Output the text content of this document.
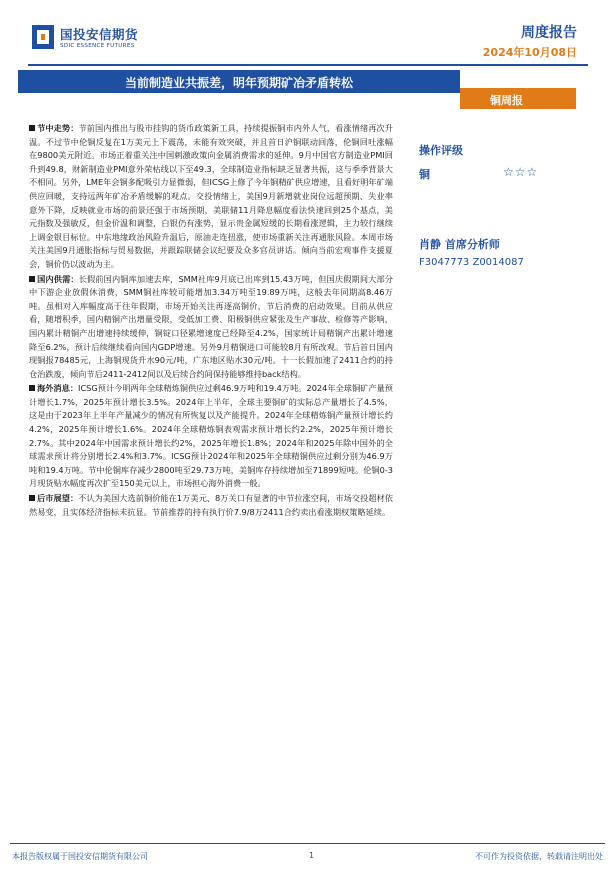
国投安信期货
SDIC ESSENCE FUTURES
周度报告
2024年10月08日
当前制造业共振差，明年预期矿冶矛盾转松
铜周报

节中走势：节前国内推出与股市挂钩的货币政策新工具，持续提振铜市内外人气，看涨情绪再次升温。不过节中伦铜反复在1万美元上下震荡，未能有效突破，并且首日沪铜联动回落，伦铜回吐涨幅在9800美元附近。市场正着重关注中国刺激政策向金属消费需求的延伸。9月中国官方制造业PMI回升到49.8，财新制造业PMI意外荣枯线以下至49.3，全球制造业指标缺乏显著共振，这与季季背景大不相同。另外，LME年会铜多配吸引力显微弱，但ICSG上修了今年铜精矿供应增速，且看好明年矿端供应回暖，支持远两年矿冶矛盾缓解的观点。交投情绪上，美国9月新增就业岗位远超预期、失业率意外下降，反映就业市场的前景还强于市场预期，美联储11月降息幅度看法快速回到25个基点，美元指数及强敏反，但金价温和调整，白银仍有涨势，显示贵金属短缓的长期看涨逻辑，主力较行继续上调金银目标位。中东地缘政治风险升温后，原油走连扭涨，使市场重新关注再通胀风险。本周市场关注美国9月通胀指标与贸易数据，并跟踪联储会议纪要及众多官员讲话。倾向当前宏观事件支援夏会，铜价仍以波动为主。

国内供需：长假前国内铜库加速去库，SMM社库9月底已出库到15.43万吨，但国庆假期间大部分中下游企业放假休消费，SMM铜社库较可能增加3.34万吨至19.89万吨，这般去年同期高8.46万吨。虽相对入库幅度高于往年假期，市场开始关注再逐高铜价，节后消费的启动效果。目前从供应看，随增积季，国内精铜产出增量受限，受低加工费、阳极铜供应紧张及生产事故、检修等产影响，国内累计精铜产出增速持续缓伸，铜锭口径累增速度已经降至4.2%，国家统计局精铜产出累计增速降至6.2%，预计后续继续看向国内GDP增速。另外9月精铜进口可能较8月有所改观。节后首日国内现铜报78485元，上海铜现货升水90元/吨，广东地区贴水30元/吨。十一长假加速了2411合约的持仓治跌废，倾向节后2411-2412间以及后续合约间保持能够维持back结构。

海外消息：ICSG预计今明两年全球精炼铜供应过剩46.9万吨和19.4万吨。2024年全球铜矿产量预计增长1.7%，2025年预计增长3.5%。2024年上半年，全球主要铜矿的实际总产量增长了4.5%，这是由于2023年上半年产量减少的情况有所恢复以及产能提升。2024年全球精炼铜产量预计增长约4.2%，2025年预计增长1.6%。2024年全球精炼铜表观需求预计增长约2.2%，2025年预计增长2.7%。其中2024年中国需求预计增长约2%，2025年增长1.8%；2024年和2025年除中国外的全球需求预计将分别增长2.4%和3.7%。ICSG预计2024年和2025年全球精铜供应过剩分别为46.9万吨和19.4万吨。节中伦铜库存减少2800吨至29.73万吨，美铜库存持续增加至71899短吨。伦铜0-3月现货贴水幅度再次扩至150美元以上，市场担心海外消费一般。

后市展望：不认为美国大选前铜价能在1万美元、8万关口有显著的中节拉涨空间，市场交投超材依然易变，且实体经济指标未抗显。节前推荐的持有执行价7.9/8万2411合约卖出看涨期权策略延续。

操作评级
铜	☆☆☆
肖静 首席分析师
F3047773 Z0014087
本报告版权属于国投安信期货有限公司	1	不可作为投资依据，转载请注明出处
